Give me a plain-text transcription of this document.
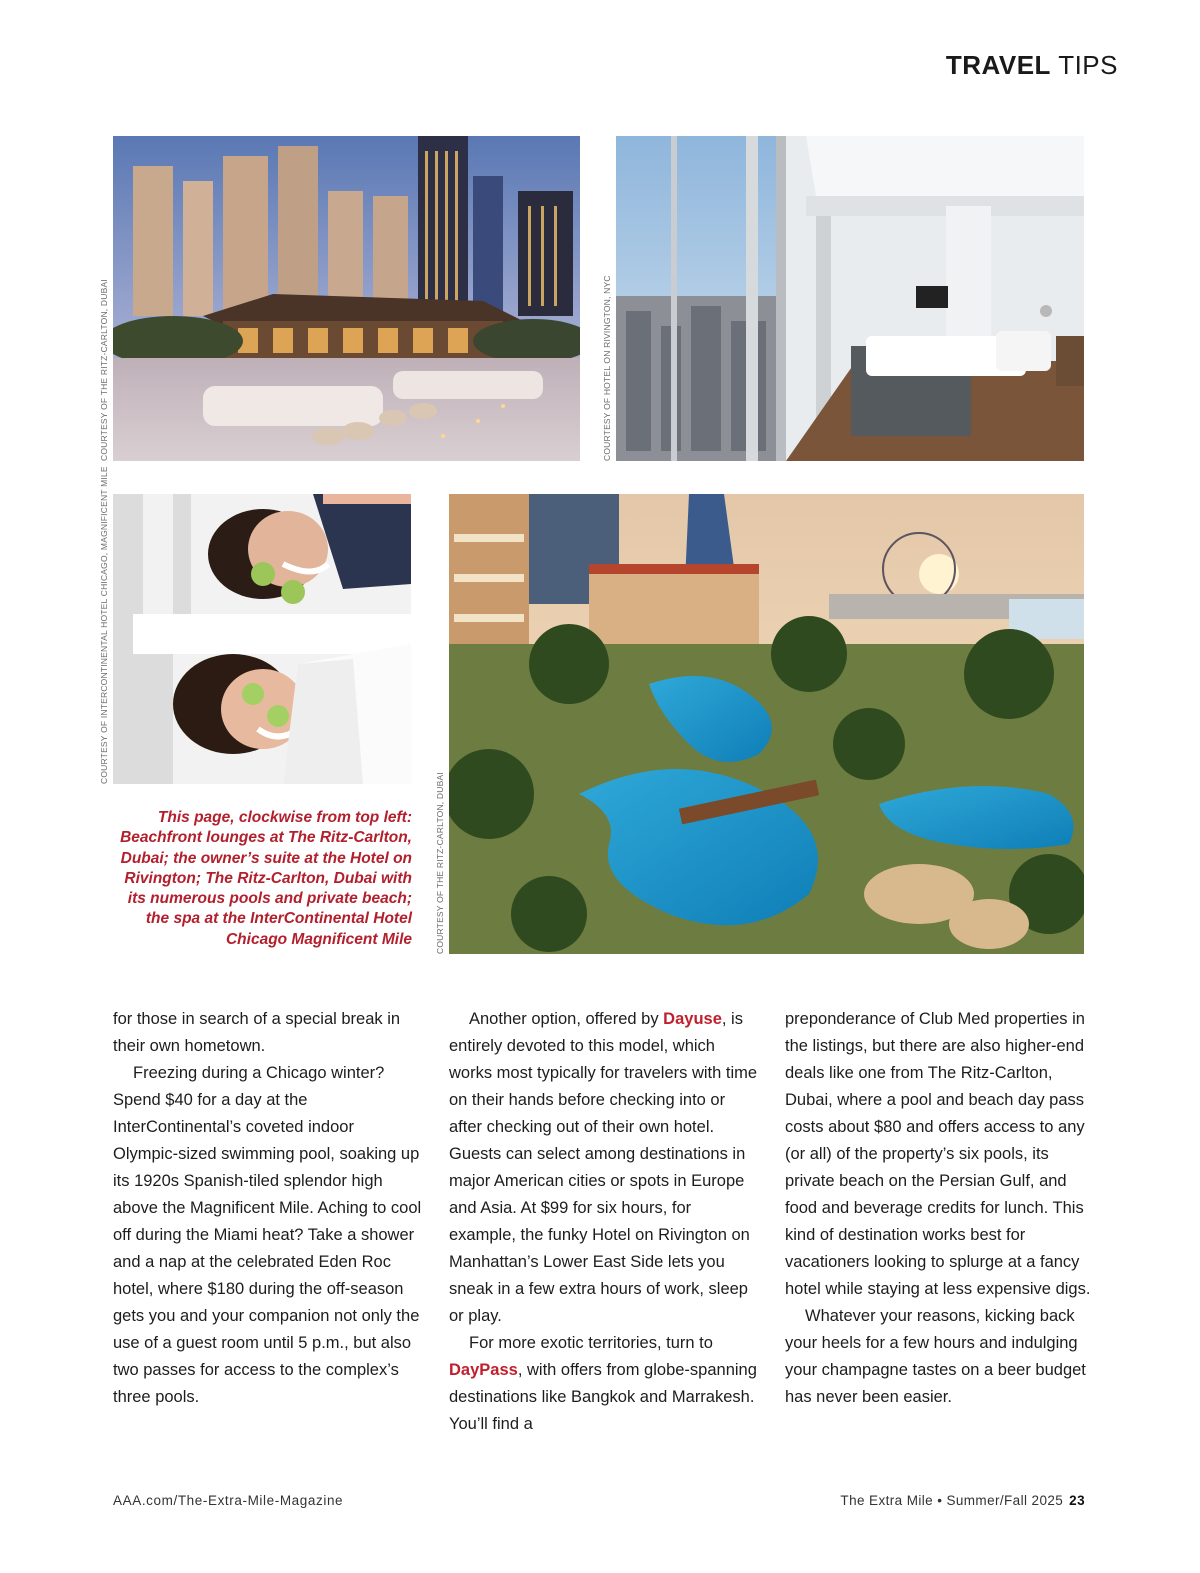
TRAVEL TIPS
COURTESY OF THE RITZ-CARLTON, DUBAI	COURTESY OF HOTEL ON RIVINGTON, NYC
COURTESY OF INTERCONTINENTAL HOTEL CHICAGO, MAGNIFICENT MILE
COURTESY OF THE RITZ-CARLTON, DUBAI
This page, clockwise from top left: Beachfront lounges at The Ritz-Carlton, Dubai; the owner’s suite at the Hotel on Rivington; The Ritz-Carlton, Dubai with its numerous pools and private beach; the spa at the InterContinental Hotel Chicago Magnificent Mile

for those in search of a special break in their own hometown.

Freezing during a Chicago winter? Spend $40 for a day at the InterContinental’s coveted indoor Olympic-sized swimming pool, soaking up its 1920s Spanish-tiled splendor high above the Magnificent Mile. Aching to cool off during the Miami heat? Take a shower and a nap at the celebrated Eden Roc hotel, where $180 during the off-season gets you and your companion not only the use of a guest room until 5 p.m., but also two passes for access to the complex’s three pools.

Another option, offered by Dayuse, is entirely devoted to this model, which works most typically for travelers with time on their hands before checking into or after checking out of their own hotel. Guests can select among destinations in major American cities or spots in Europe and Asia. At $99 for six hours, for example, the funky Hotel on Rivington on Manhattan’s Lower East Side lets you sneak in a few extra hours of work, sleep or play.

For more exotic territories, turn to DayPass, with offers from globe-spanning destinations like Bangkok and Marrakesh. You’ll find a

preponderance of Club Med properties in the listings, but there are also higher-end deals like one from The Ritz-Carlton, Dubai, where a pool and beach day pass costs about $80 and offers access to any (or all) of the property’s six pools, its private beach on the Persian Gulf, and food and beverage credits for lunch. This kind of destination works best for vacationers looking to splurge at a fancy hotel while staying at less expensive digs.

Whatever your reasons, kicking back your heels for a few hours and indulging your champagne tastes on a beer budget has never been easier.

AAA.com/The-Extra-Mile-Magazine	The Extra Mile • Summer/Fall 2025 23
